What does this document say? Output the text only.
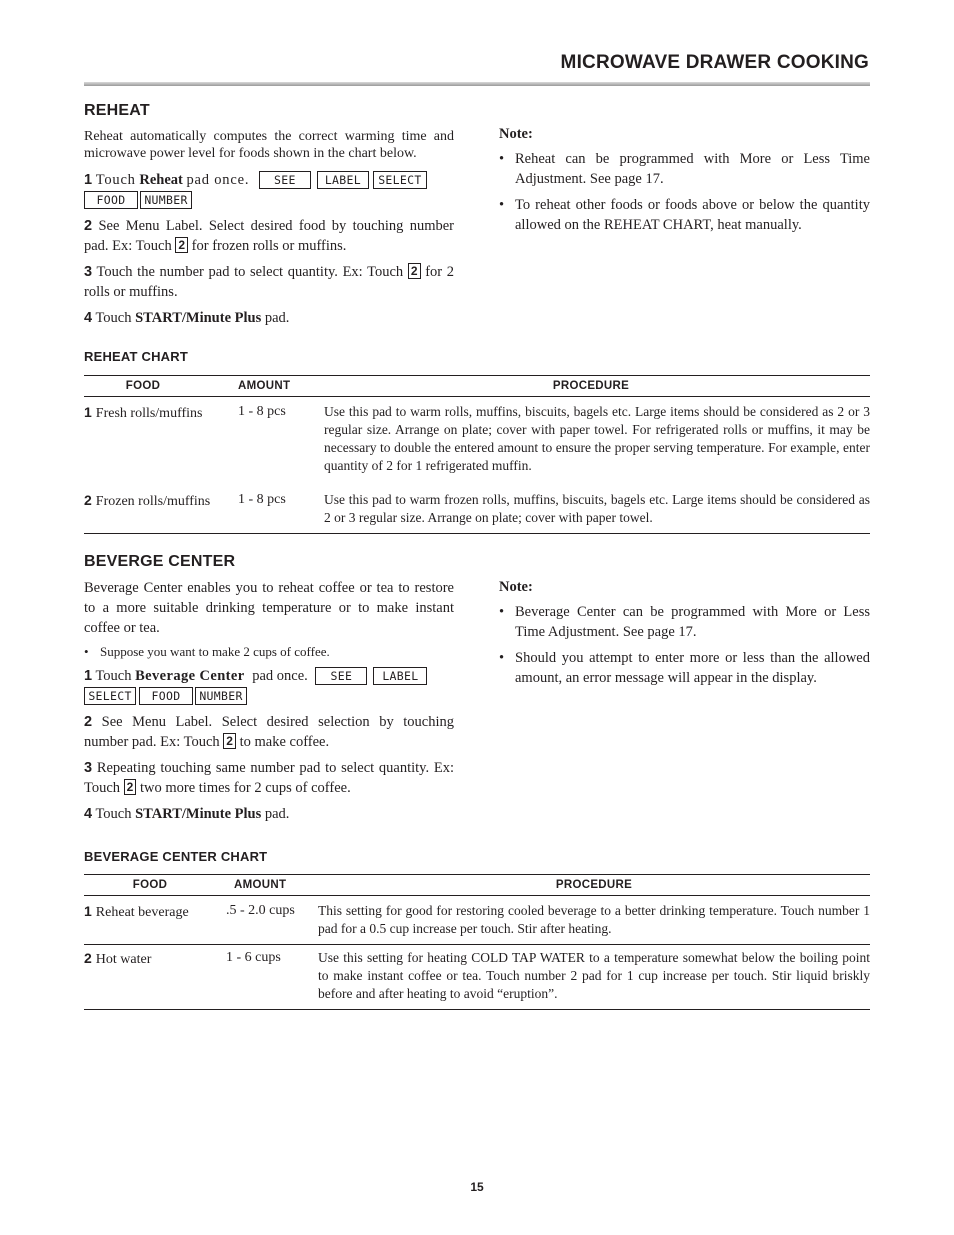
MICROWAVE DRAWER COOKING
REHEAT
Reheat automatically computes the correct warming time and microwave power level for foods shown in the chart below.
1 Touch Reheat pad once. SEE	LABEL SELECT
FOOD NUMBER
2 See Menu Label. Select desired food by touching number pad. Ex: Touch 2 for frozen rolls or muffins.
3 Touch the number pad to select quantity. Ex: Touch 2 for 2 rolls or muffins.
4 Touch START/Minute Plus pad.
Note:
• Reheat can be programmed with More or Less Time Adjustment. See page 17.
• To reheat other foods or foods above or below the quantity allowed on the REHEAT CHART, heat manually.
REHEAT CHART
FOOD	AMOUNT	PROCEDURE
1 Fresh rolls/muffins	1 - 8 pcs	Use this pad to warm rolls, muffins, biscuits, bagels etc. Large items should be considered as 2 or 3 regular size. Arrange on plate; cover with paper towel. For refrigerated rolls or muffins, it may be necessary to double the entered amount to ensure the proper serving temperature. For example, enter quantity of 2 for 1 refrigerated muffin.
2 Frozen rolls/muffins	1 - 8 pcs	Use this pad to warm frozen rolls, muffins, biscuits, bagels etc. Large items should be considered as 2 or 3 regular size. Arrange on plate; cover with paper towel.
BEVERGE CENTER
Beverage Center enables you to reheat coffee or tea to restore to a more suitable drinking temperature or to make instant coffee or tea.
• Suppose you want to make 2 cups of coffee.
1 Touch Beverage Center pad once. SEE	LABEL
SELECT FOOD NUMBER
2 See Menu Label. Select desired selection by touching number pad. Ex: Touch 2 to make coffee.
3 Repeating touching same number pad to select quantity. Ex: Touch 2 two more times for 2 cups of coffee.
4 Touch START/Minute Plus pad.
Note:
• Beverage Center can be programmed with More or Less Time Adjustment. See page 17.
• Should you attempt to enter more or less than the allowed amount, an error message will appear in the display.
BEVERAGE CENTER CHART
FOOD	AMOUNT	PROCEDURE
1 Reheat beverage	.5 - 2.0 cups	This setting for good for restoring cooled beverage to a better drinking temperature. Touch number 1 pad for a 0.5 cup increase per touch. Stir after heating.
2 Hot water	1 - 6 cups	Use this setting for heating COLD TAP WATER to a temperature somewhat below the boiling point to make instant coffee or tea. Touch number 2 pad for 1 cup increase per touch. Stir liquid briskly before and after heating to avoid “eruption”.
15
